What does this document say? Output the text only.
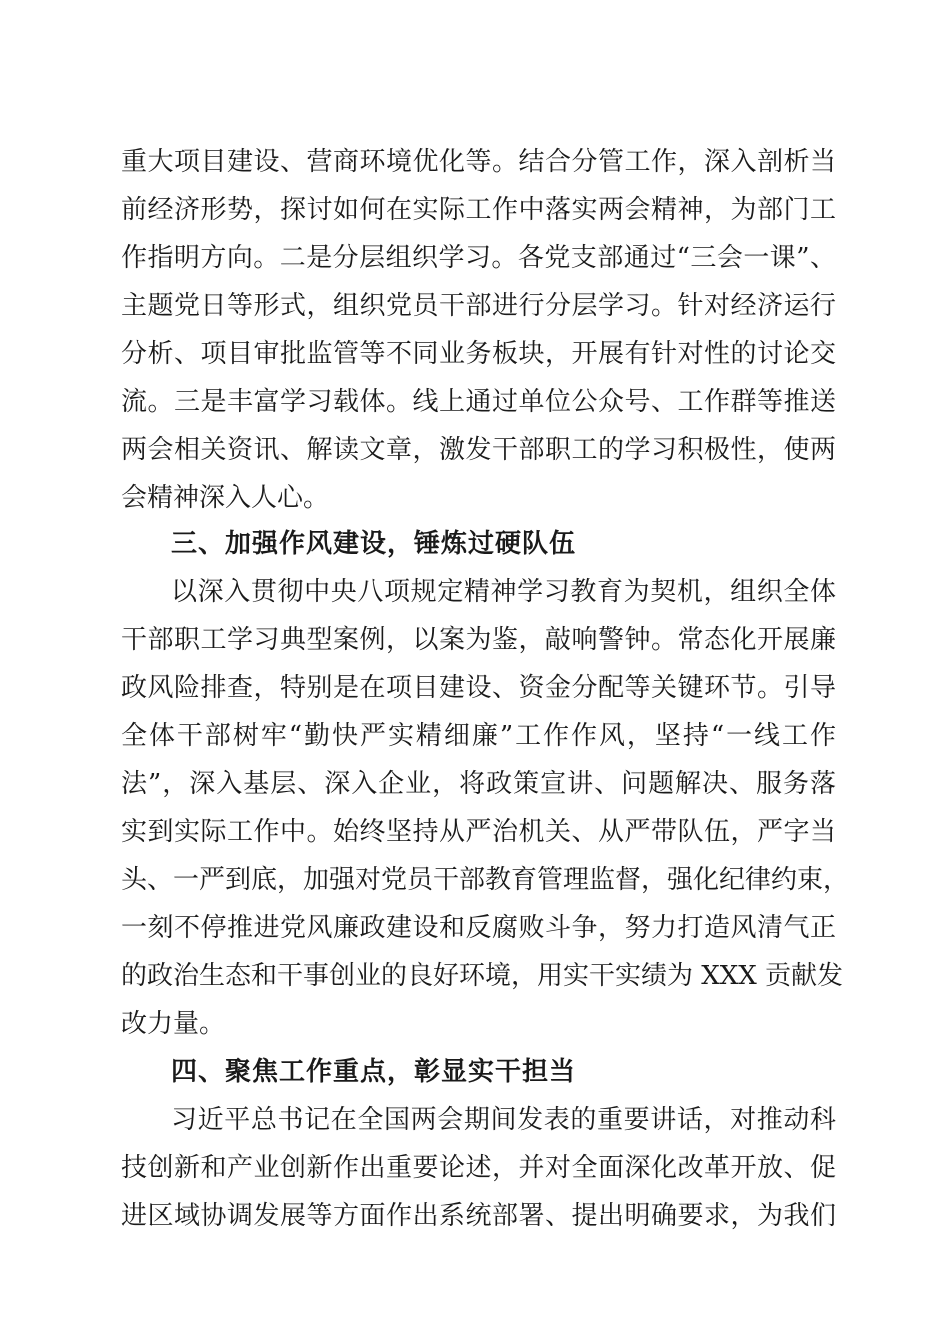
重大项目建设、营商环境优化等。结合分管工作，深入剖析当
前经济形势，探讨如何在实际工作中落实两会精神，为部门工
作指明方向。二是分层组织学习。各党支部通过“三会一课”、
主题党日等形式，组织党员干部进行分层学习。针对经济运行
分析、项目审批监管等不同业务板块，开展有针对性的讨论交
流。三是丰富学习载体。线上通过单位公众号、工作群等推送
两会相关资讯、解读文章，激发干部职工的学习积极性，使两
会精神深入人心。
三、加强作风建设，锤炼过硬队伍
以深入贯彻中央八项规定精神学习教育为契机，组织全体
干部职工学习典型案例，以案为鉴，敲响警钟。常态化开展廉
政风险排查，特别是在项目建设、资金分配等关键环节。引导
全体干部树牢“勤快严实精细廉”工作作风，坚持“一线工作
法”，深入基层、深入企业，将政策宣讲、问题解决、服务落
实到实际工作中。始终坚持从严治机关、从严带队伍，严字当
头、一严到底，加强对党员干部教育管理监督，强化纪律约束，
一刻不停推进党风廉政建设和反腐败斗争，努力打造风清气正
的政治生态和干事创业的良好环境，用实干实绩为 XXX 贡献发
改力量。
四、聚焦工作重点，彰显实干担当
习近平总书记在全国两会期间发表的重要讲话，对推动科
技创新和产业创新作出重要论述，并对全面深化改革开放、促
进区域协调发展等方面作出系统部署、提出明确要求，为我们
